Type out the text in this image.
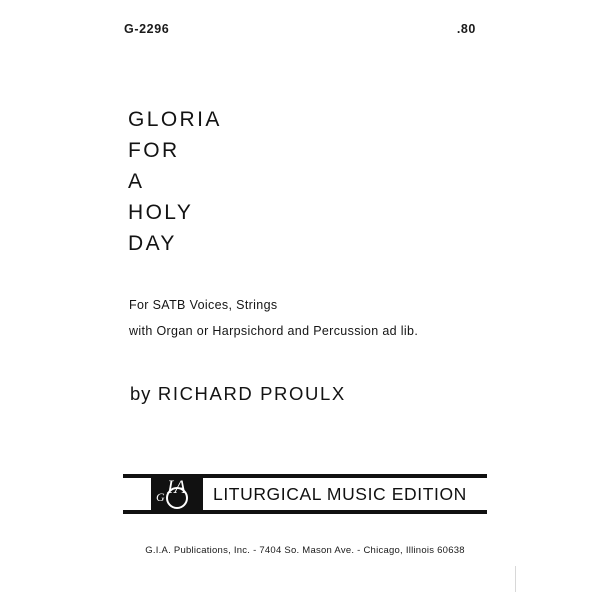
G-2296	.80
GLORIA
FOR
A
HOLY
DAY
For SATB Voices, Strings
with Organ or Harpsichord and Percussion ad lib.
by RICHARD PROULX
G IA LITURGICAL MUSIC EDITION
G.I.A. Publications, Inc. - 7404 So. Mason Ave. - Chicago, Illinois 60638
